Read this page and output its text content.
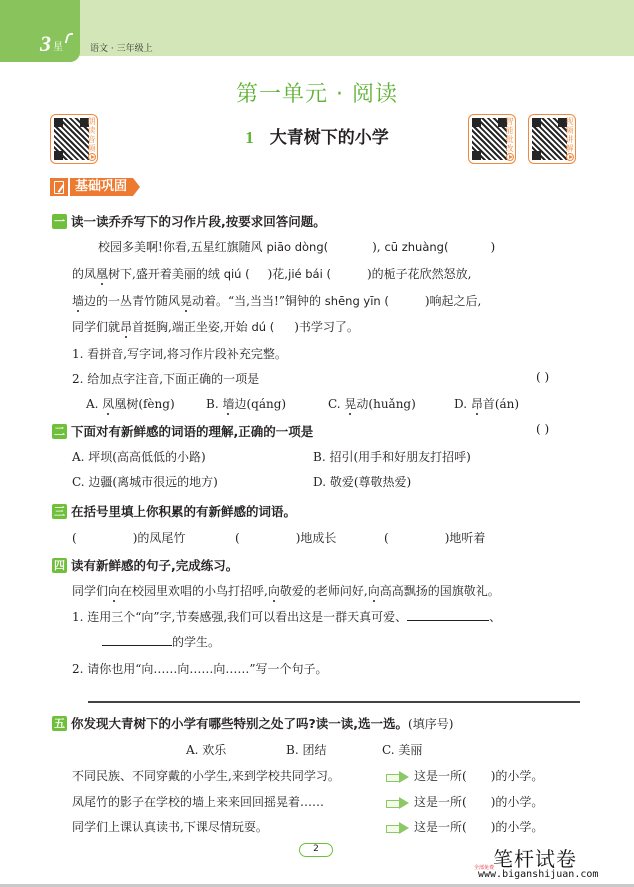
3 星	语文 · 三年级上
第一单元 · 阅读
1 大青树下的小学
朗读音频
智能批改
视频讲解
基础巩固
一 读一读乔乔写下的习作片段,按要求回答问题。
校园多美啊!你看,五星红旗随风 piāo dòng(	), cū zhuàng(	)
的凤凰树下,盛开着美丽的绒 qiú ( )花,jié bái (	)的栀子花欣然怒放,
墙边的一丛青竹随风晃动着。“当,当当!”铜钟的 shēng yīn (	)响起之后,
同学们就昂首挺胸,端正坐姿,开始 dú ( )书学习了。
1. 看拼音,写字词,将习作片段补充完整。
2. 给加点字注音,下面正确的一项是	( )
A. 凤凰树(fèng)	B. 墙边(qáng)	C. 晃动(huǎng)	D. 昂首(án)
二 下面对有新鲜感的词语的理解,正确的一项是	( )
A. 坪坝(高高低低的小路)	B. 招引(用手和好朋友打招呼)
C. 边疆(离城市很远的地方)	D. 敬爱(尊敬热爱)
三 在括号里填上你积累的有新鲜感的词语。
(	)的凤尾竹	(	)地成长	(	)地听着
四 读有新鲜感的句子,完成练习。
同学们向在校园里欢唱的小鸟打招呼,向敬爱的老师问好,向高高飘扬的国旗敬礼。
1. 连用三个“向”字,节奏感强,我们可以看出这是一群天真可爱、	、
的学生。
2. 请你也用“向……向……向……”写一个句子。
五 你发现大青树下的小学有哪些特别之处了吗?读一读,选一选。 (填序号)
A. 欢乐	B. 团结	C. 美丽
不同民族、不同穿戴的小学生,来到学校共同学习。	这是一所( )的小学。
凤尾竹的影子在学校的墙上来来回回摇晃着……	这是一所( )的小学。
同学们上课认真读书,下课尽情玩耍。	这是一所( )的小学。
2	笔杆试卷
全部免费
www.biganshijuan.com
